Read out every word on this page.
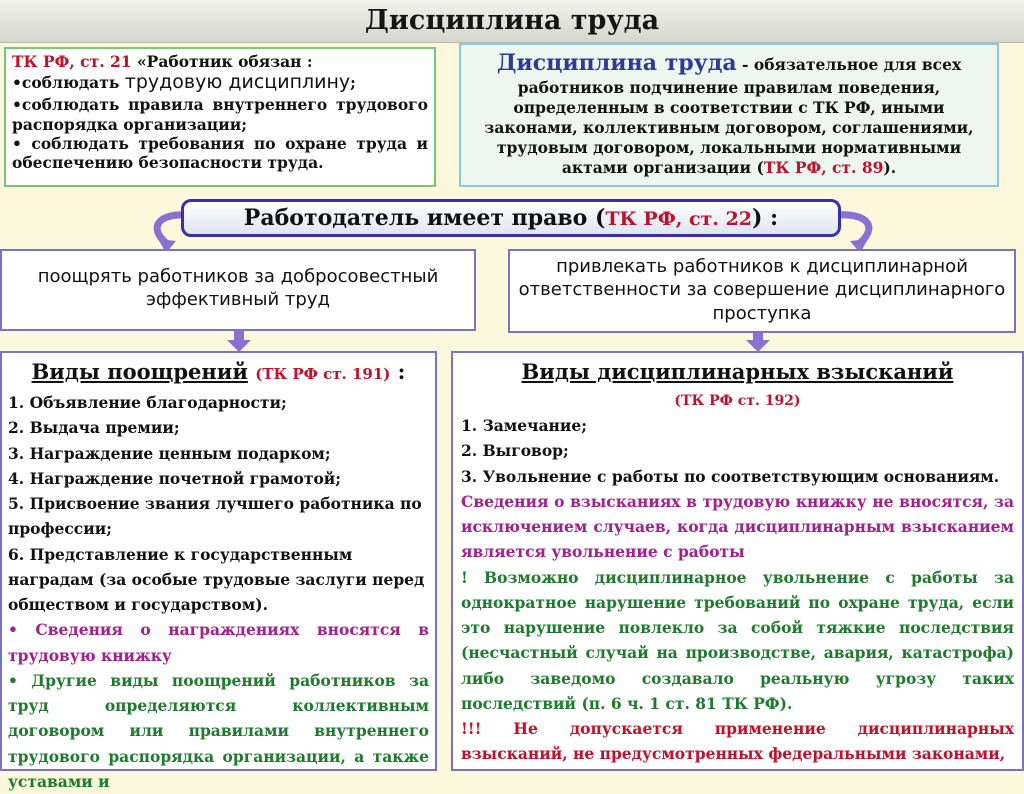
Дисциплина труда

ТК РФ, ст. 21 «Работник обязан :

•соблюдать трудовую дисциплину;

•соблюдать правила внутреннего трудового распорядка организации;

• соблюдать требования по охране труда и обеспечению безопасности труда.

Дисциплина труда - обязательное для всех работников подчинение правилам поведения, определенным в соответствии с ТК РФ, иными законами, коллективным договором, соглашениями, трудовым договором, локальными нормативными актами организации (ТК РФ, ст. 89).
Работодатель имеет право (ТК РФ, ст. 22) :
поощрять работников за добросовестный эффективный труд
привлекать работников к дисциплинарной ответственности за совершение дисциплинарного проступка
Виды поощрений (ТК РФ ст. 191) :
1. Объявление благодарности;
2. Выдача премии;
3. Награждение ценным подарком;
4. Награждение почетной грамотой;
5. Присвоение звания лучшего работника по профессии;
6. Представление к государственным наградам (за особые трудовые заслуги перед обществом и государством).

• Сведения о награждениях вносятся в трудовую книжку

• Другие виды поощрений работников за труд определяются коллективным договором или правилами внутреннего трудового распорядка организации, а также уставами и

Виды дисциплинарных взысканий
(ТК РФ ст. 192)
1. Замечание;
2. Выговор;
3. Увольнение с работы по соответствующим основаниям.

Сведения о взысканиях в трудовую книжку не вносятся, за исключением случаев, когда дисциплинарным взысканием является увольнение с работы

! Возможно дисциплинарное увольнение с работы за однократное нарушение требований по охране труда, если это нарушение повлекло за собой тяжкие последствия (несчастный случай на производстве, авария, катастрофа) либо заведомо создавало реальную угрозу таких последствий (п. 6 ч. 1 ст. 81 ТК РФ).

!!! Не допускается применение дисциплинарных взысканий, не предусмотренных федеральными законами,
